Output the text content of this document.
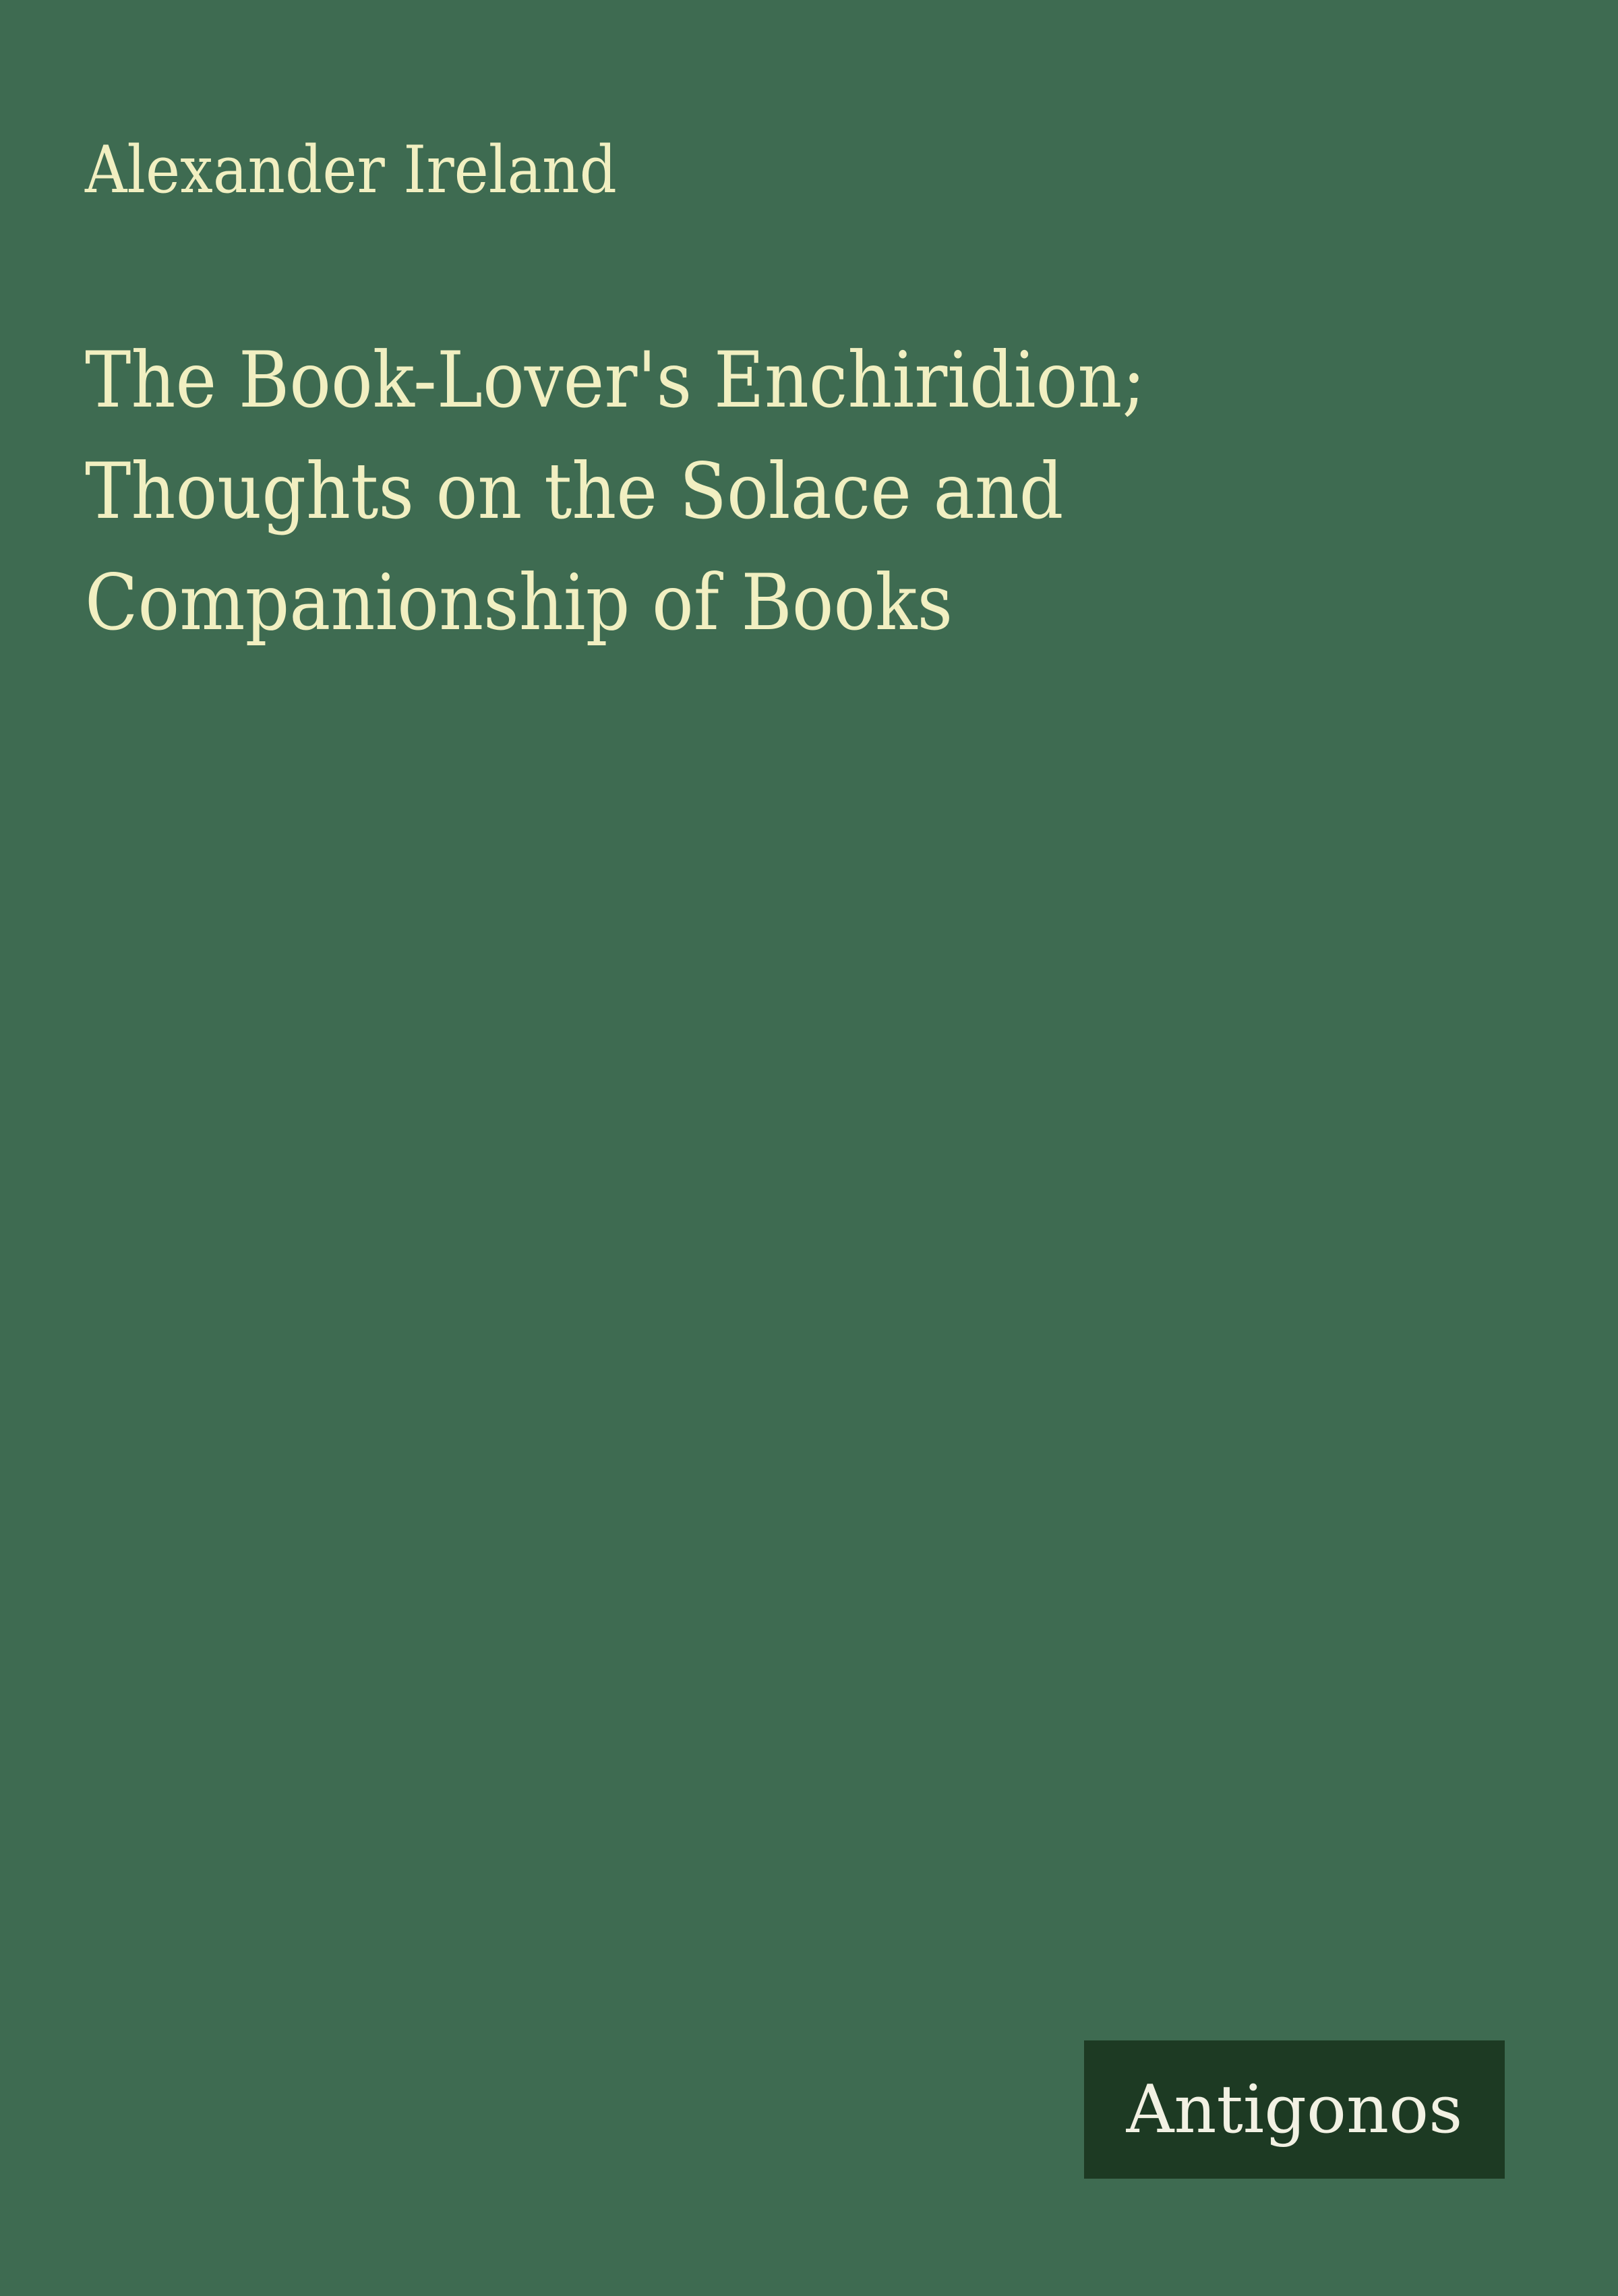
Alexander Ireland
The Book-Lover's Enchiridion;
Thoughts on the Solace and
Companionship of Books
Antigonos
